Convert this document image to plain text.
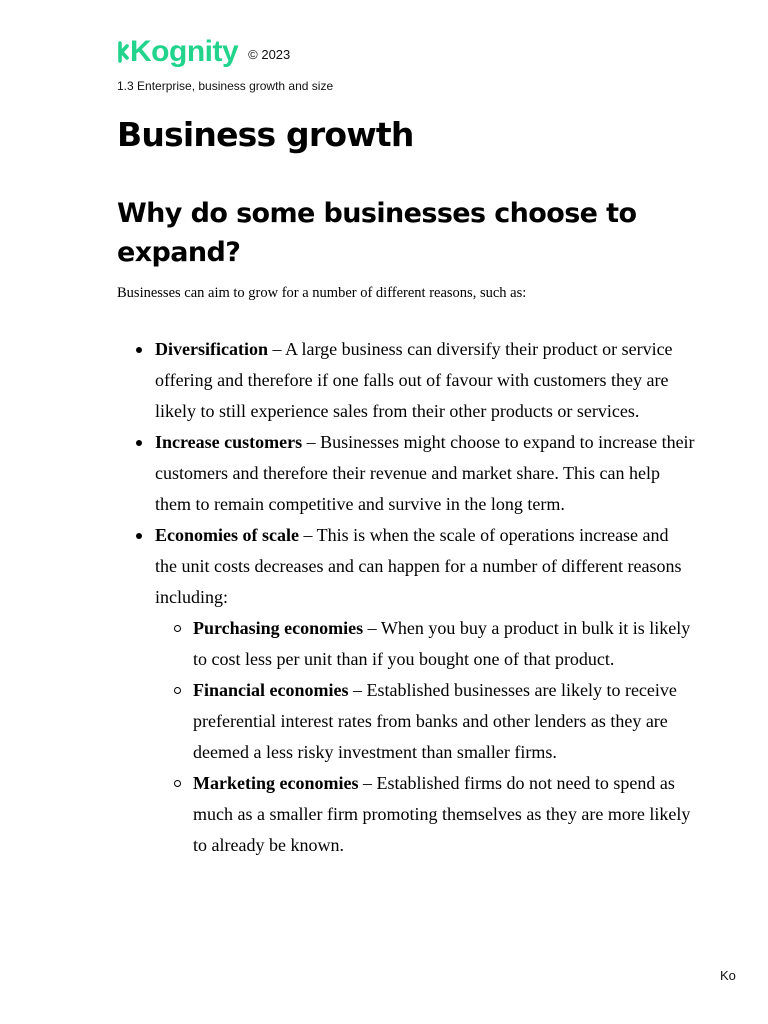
Kognity © 2023
1.3 Enterprise, business growth and size
Business growth
Why do some businesses choose to expand?

Businesses can aim to grow for a number of different reasons, such as:

Diversification – A large business can diversify their product or service offering and therefore if one falls out of favour with customers they are likely to still experience sales from their other products or services.
Increase customers – Businesses might choose to expand to increase their customers and therefore their revenue and market share. This can help them to remain competitive and survive in the long term.
Economies of scale – This is when the scale of operations increase and the unit costs decreases and can happen for a number of different reasons including:
Purchasing economies – When you buy a product in bulk it is likely to cost less per unit than if you bought one of that product.
Financial economies – Established businesses are likely to receive preferential interest rates from banks and other lenders as they are deemed a less risky investment than smaller firms.
Marketing economies – Established firms do not need to spend as much as a smaller firm promoting themselves as they are more likely to already be known.
Ko
